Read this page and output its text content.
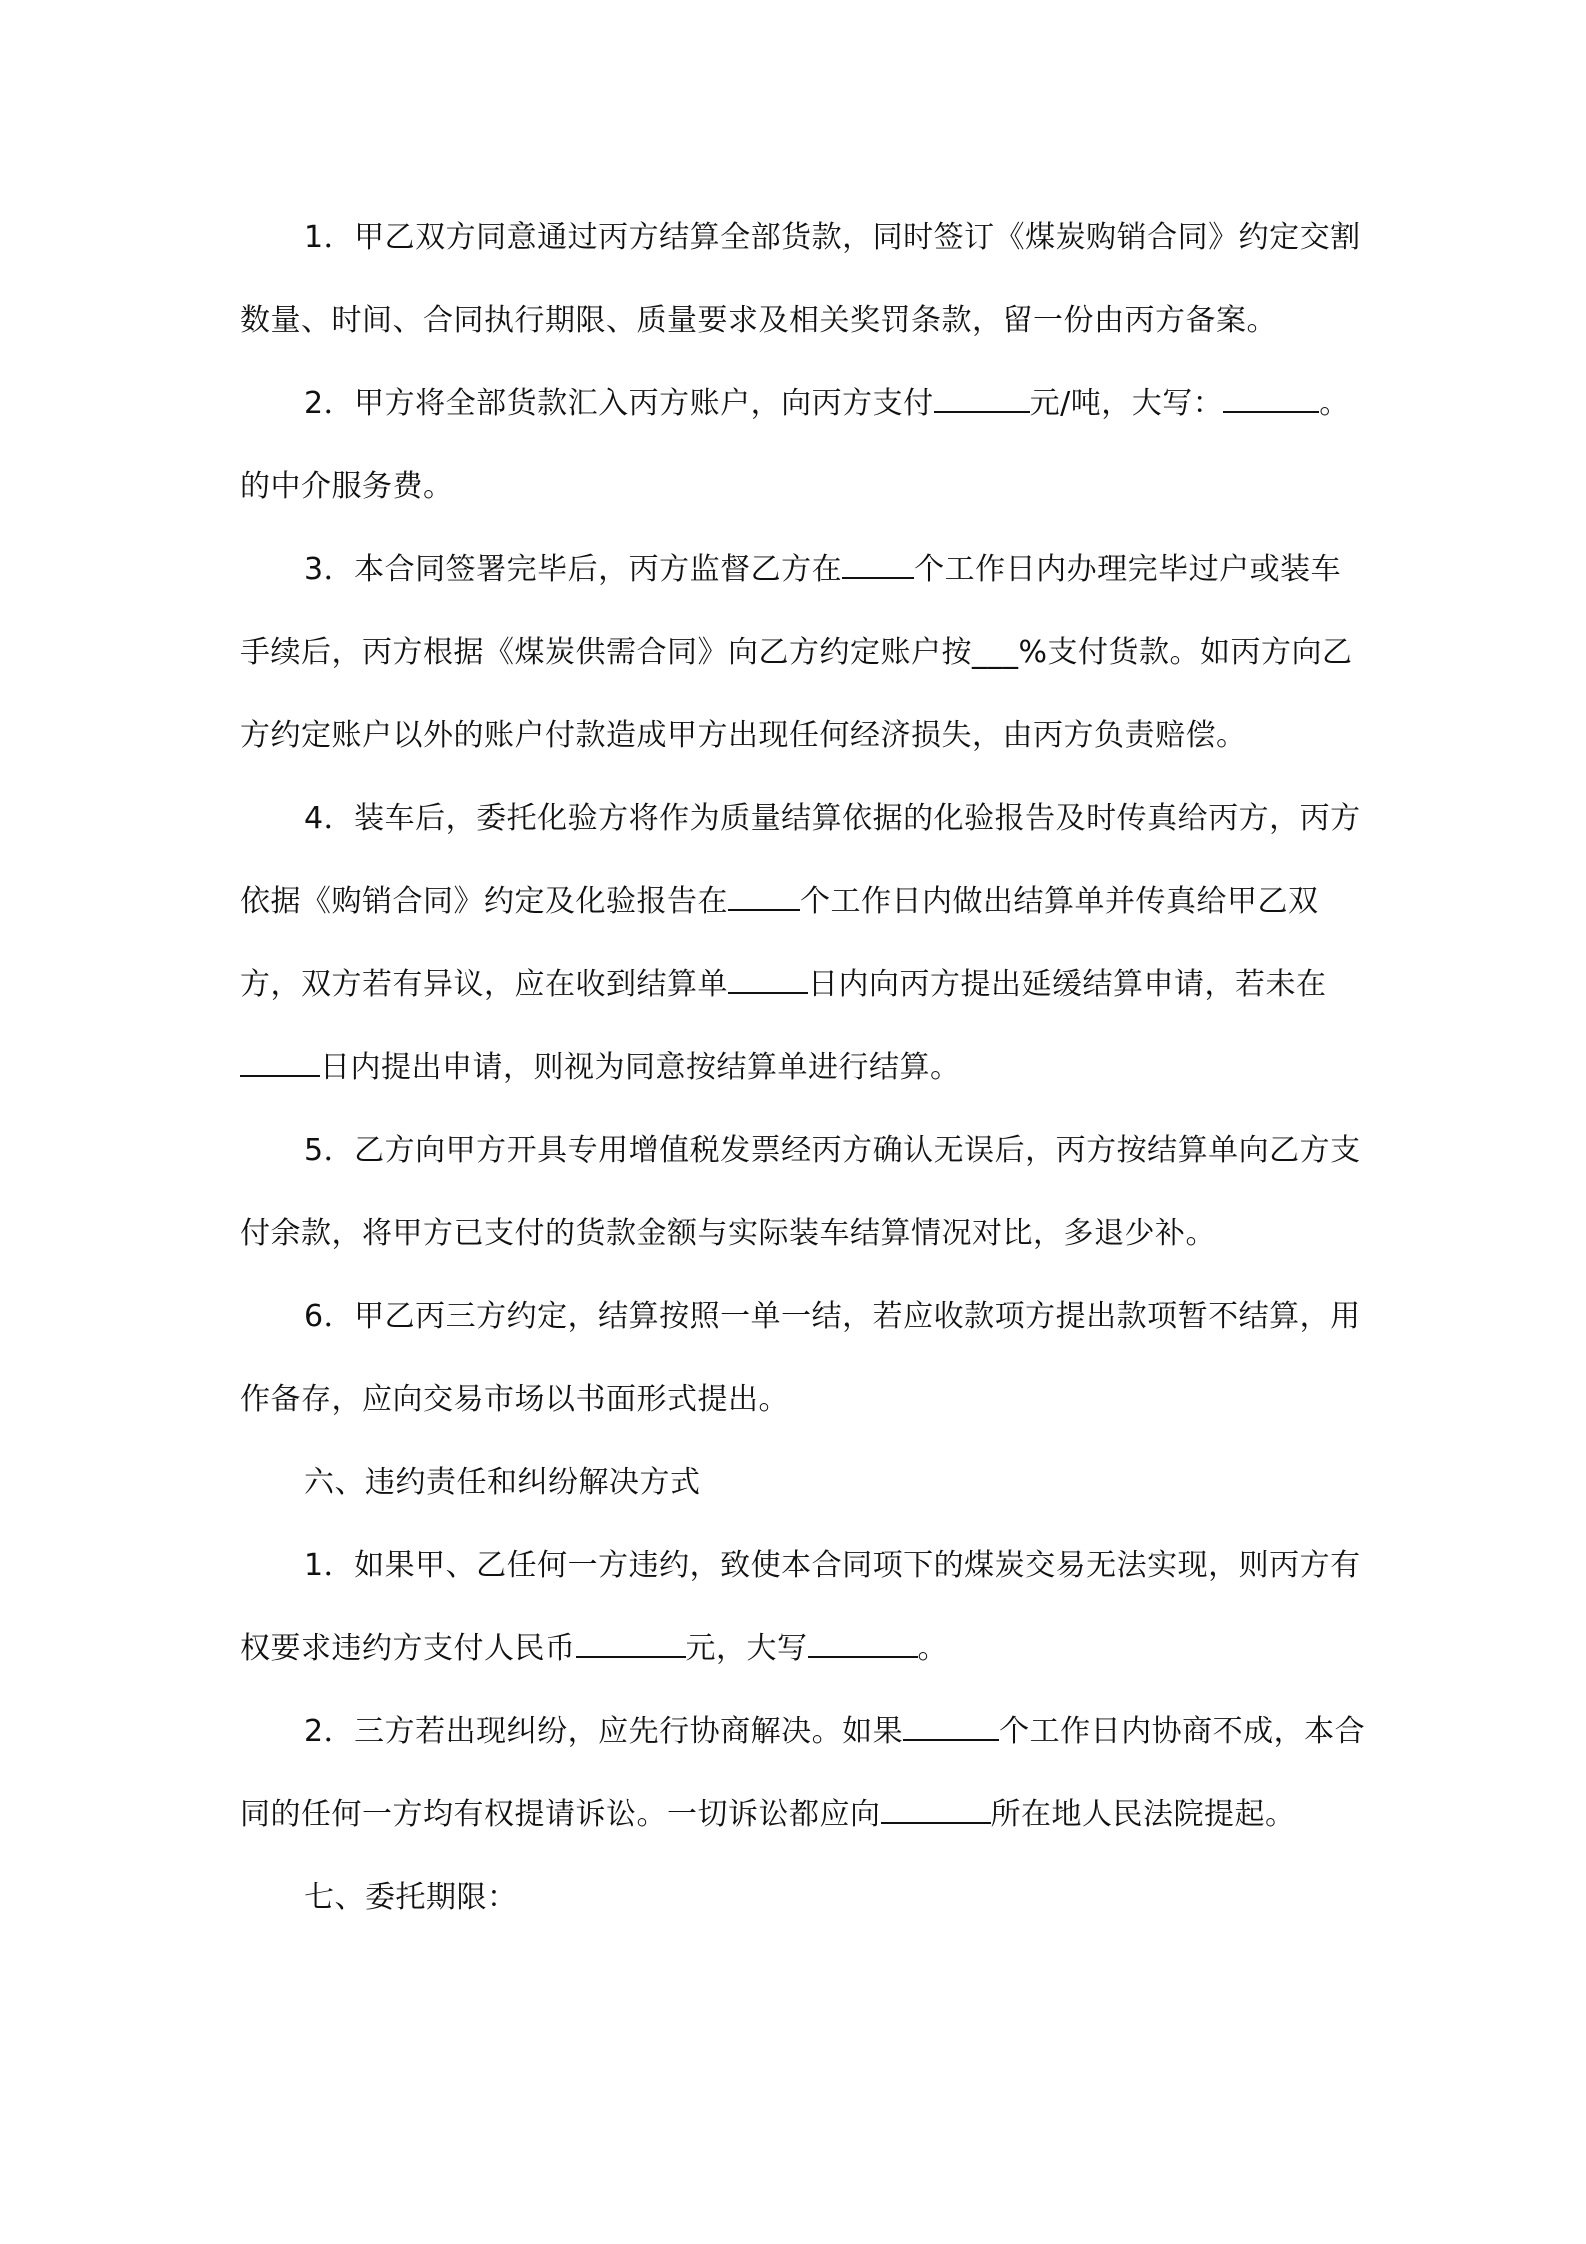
1．甲乙双方同意通过丙方结算全部货款，同时签订《煤炭购销合同》约定交割数量、时间、合同执行期限、质量要求及相关奖罚条款，留一份由丙方备案。

2．甲方将全部货款汇入丙方账户，向丙方支付	元/吨，大写：	。的中介服务费。

3．本合同签署完毕后，丙方监督乙方在 个工作日内办理完毕过户或装车手续后，丙方根据《煤炭供需合同》向乙方约定账户按___%支付货款。如丙方向乙方约定账户以外的账户付款造成甲方出现任何经济损失，由丙方负责赔偿。

4．装车后，委托化验方将作为质量结算依据的化验报告及时传真给丙方，丙方依据《购销合同》约定及化验报告在 个工作日内做出结算单并传真给甲乙双方，双方若有异议，应在收到结算单	日内向丙方提出延缓结算申请，若未在日内提出申请，则视为同意按结算单进行结算。

5．乙方向甲方开具专用增值税发票经丙方确认无误后，丙方按结算单向乙方支付余款，将甲方已支付的货款金额与实际装车结算情况对比，多退少补。

6．甲乙丙三方约定，结算按照一单一结，若应收款项方提出款项暂不结算，用作备存，应向交易市场以书面形式提出。

六、违约责任和纠纷解决方式

1．如果甲、乙任何一方违约，致使本合同项下的煤炭交易无法实现，则丙方有权要求违约方支付人民币	元，大写	。

2．三方若出现纠纷，应先行协商解决。如果	个工作日内协商不成，本合同的任何一方均有权提请诉讼。一切诉讼都应向	所在地人民法院提起。

七、委托期限：
